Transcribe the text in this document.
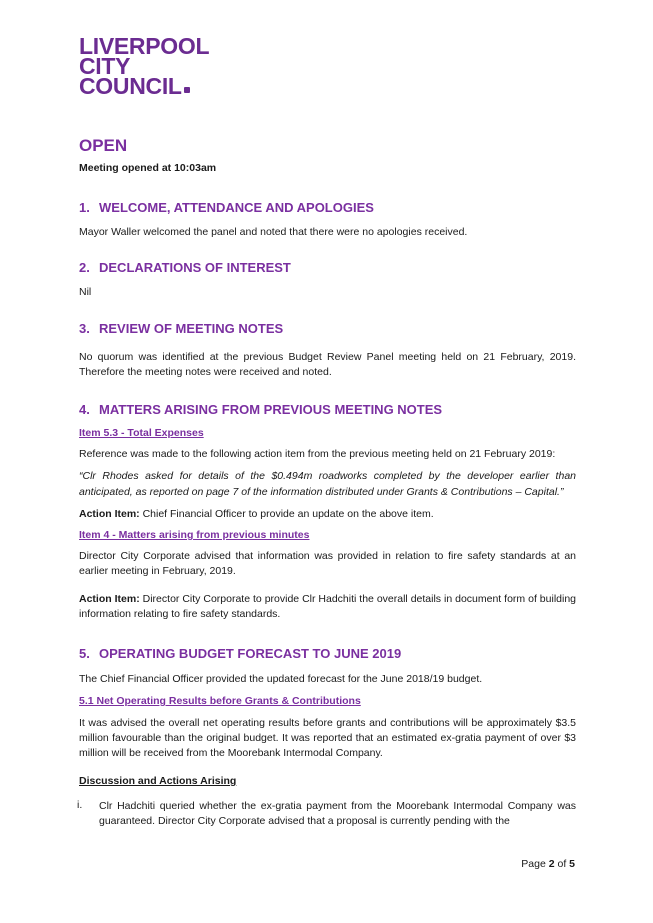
LIVERPOOL
CITY
COUNCIL
OPEN

Meeting opened at 10:03am

1. WELCOME, ATTENDANCE AND APOLOGIES

Mayor Waller welcomed the panel and noted that there were no apologies received.

2. DECLARATIONS OF INTEREST

Nil

3. REVIEW OF MEETING NOTES

No quorum was identified at the previous Budget Review Panel meeting held on 21 February, 2019. Therefore the meeting notes were received and noted.

4. MATTERS ARISING FROM PREVIOUS MEETING NOTES

Item 5.3 - Total Expenses

Reference was made to the following action item from the previous meeting held on 21 February 2019:

“Clr Rhodes asked for details of the $0.494m roadworks completed by the developer earlier than anticipated, as reported on page 7 of the information distributed under Grants & Contributions – Capital.”

Action Item: Chief Financial Officer to provide an update on the above item.

Item 4 - Matters arising from previous minutes

Director City Corporate advised that information was provided in relation to fire safety standards at an earlier meeting in February, 2019.

Action Item: Director City Corporate to provide Clr Hadchiti the overall details in document form of building information relating to fire safety standards.

5. OPERATING BUDGET FORECAST TO JUNE 2019

The Chief Financial Officer provided the updated forecast for the June 2018/19 budget.

5.1 Net Operating Results before Grants & Contributions

It was advised the overall net operating results before grants and contributions will be approximately $3.5 million favourable than the original budget. It was reported that an estimated ex-gratia payment of over $3 million will be received from the Moorebank Intermodal Company.

Discussion and Actions Arising

i. Clr Hadchiti queried whether the ex-gratia payment from the Moorebank Intermodal Company was guaranteed. Director City Corporate advised that a proposal is currently pending with the

Page 2 of 5
